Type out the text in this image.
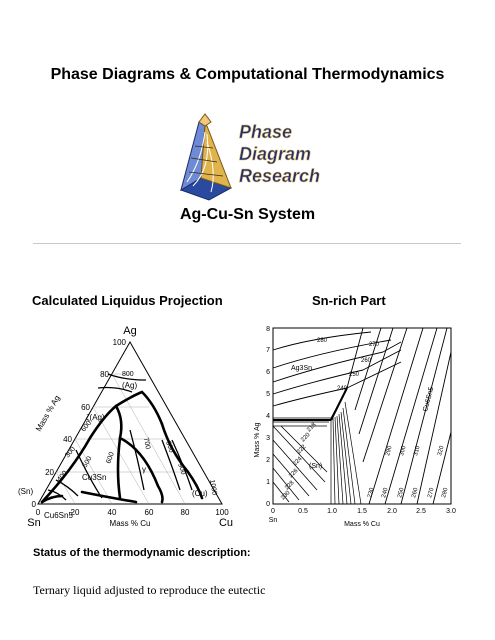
Phase Diagrams & Computational Thermodynamics
Phase
Diagram
Research
Ag-Cu-Sn System
Calculated Liquidus Projection	Sn-rich Part
Ag
Sn	Cu
0
20
40
60
80
100
0	20	40	60	80	100
Mass % Ag
Mass % Cu
(Ag)
ζ(Ag)
(Sn)
Cu3Sn
γ
(Cu)
Cu6Sn5
800
600
700
500 600
800
900
1000
400
300
0
1
2
3
4
5
6
7
8
0	0.5	1.0	1.5	2.0	2.5	3.0
Sn
Mass % Cu
Mass % Ag
Ag3Sn
Cu6Sn5
(Sn)
280
270
260
250
240
230
228
226
224
222
220
218
230 240 250 260 270 280
290 300 310	320
Status of the thermodynamic description:
Ternary liquid adjusted to reproduce the eutectic
